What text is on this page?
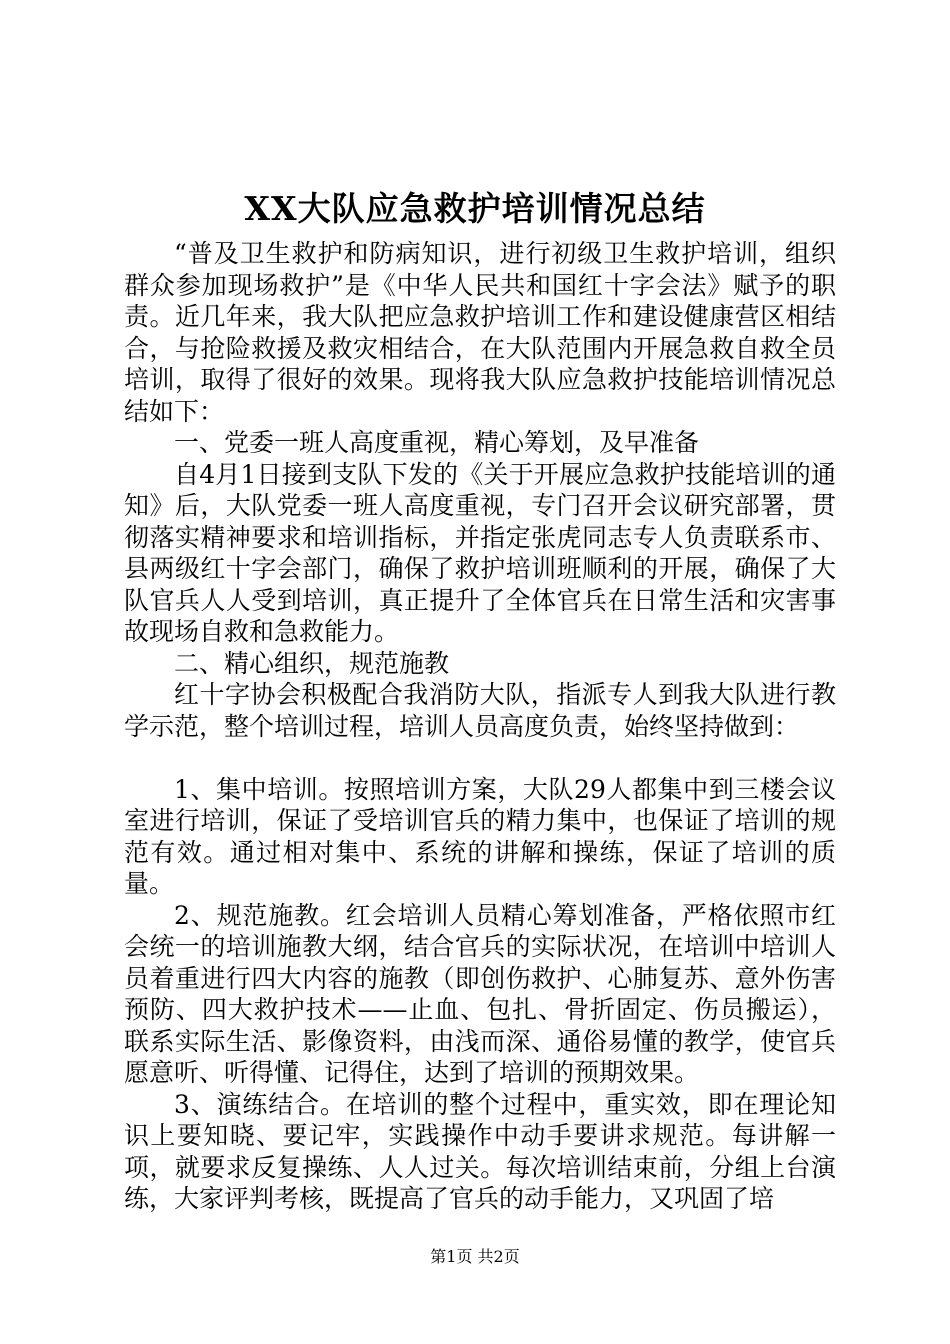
XX大队应急救护培训情况总结

“普及卫生救护和防病知识，进行初级卫生救护培训，组织群众参加现场救护”是《中华人民共和国红十字会法》赋予的职责。近几年来，我大队把应急救护培训工作和建设健康营区相结合，与抢险救援及救灾相结合，在大队范围内开展急救自救全员培训，取得了很好的效果。现将我大队应急救护技能培训情况总结如下：

一、党委一班人高度重视，精心筹划，及早准备

自4月1日接到支队下发的《关于开展应急救护技能培训的通知》后，大队党委一班人高度重视，专门召开会议研究部署，贯彻落实精神要求和培训指标，并指定张虎同志专人负责联系市、县两级红十字会部门，确保了救护培训班顺利的开展，确保了大队官兵人人受到培训，真正提升了全体官兵在日常生活和灾害事故现场自救和急救能力。

二、精心组织，规范施教

红十字协会积极配合我消防大队，指派专人到我大队进行教学示范，整个培训过程，培训人员高度负责，始终坚持做到：

1、集中培训。按照培训方案，大队29人都集中到三楼会议室进行培训，保证了受培训官兵的精力集中，也保证了培训的规范有效。通过相对集中、系统的讲解和操练，保证了培训的质量。

2、规范施教。红会培训人员精心筹划准备，严格依照市红会统一的培训施教大纲，结合官兵的实际状况，在培训中培训人员着重进行四大内容的施教（即创伤救护、心肺复苏、意外伤害预防、四大救护技术——止血、包扎、骨折固定、伤员搬运），联系实际生活、影像资料，由浅而深、通俗易懂的教学，使官兵愿意听、听得懂、记得住，达到了培训的预期效果。

3、演练结合。在培训的整个过程中，重实效，即在理论知识上要知晓、要记牢，实践操作中动手要讲求规范。每讲解一项，就要求反复操练、人人过关。每次培训结束前，分组上台演练，大家评判考核，既提高了官兵的动手能力，又巩固了培

第1页 共2页
